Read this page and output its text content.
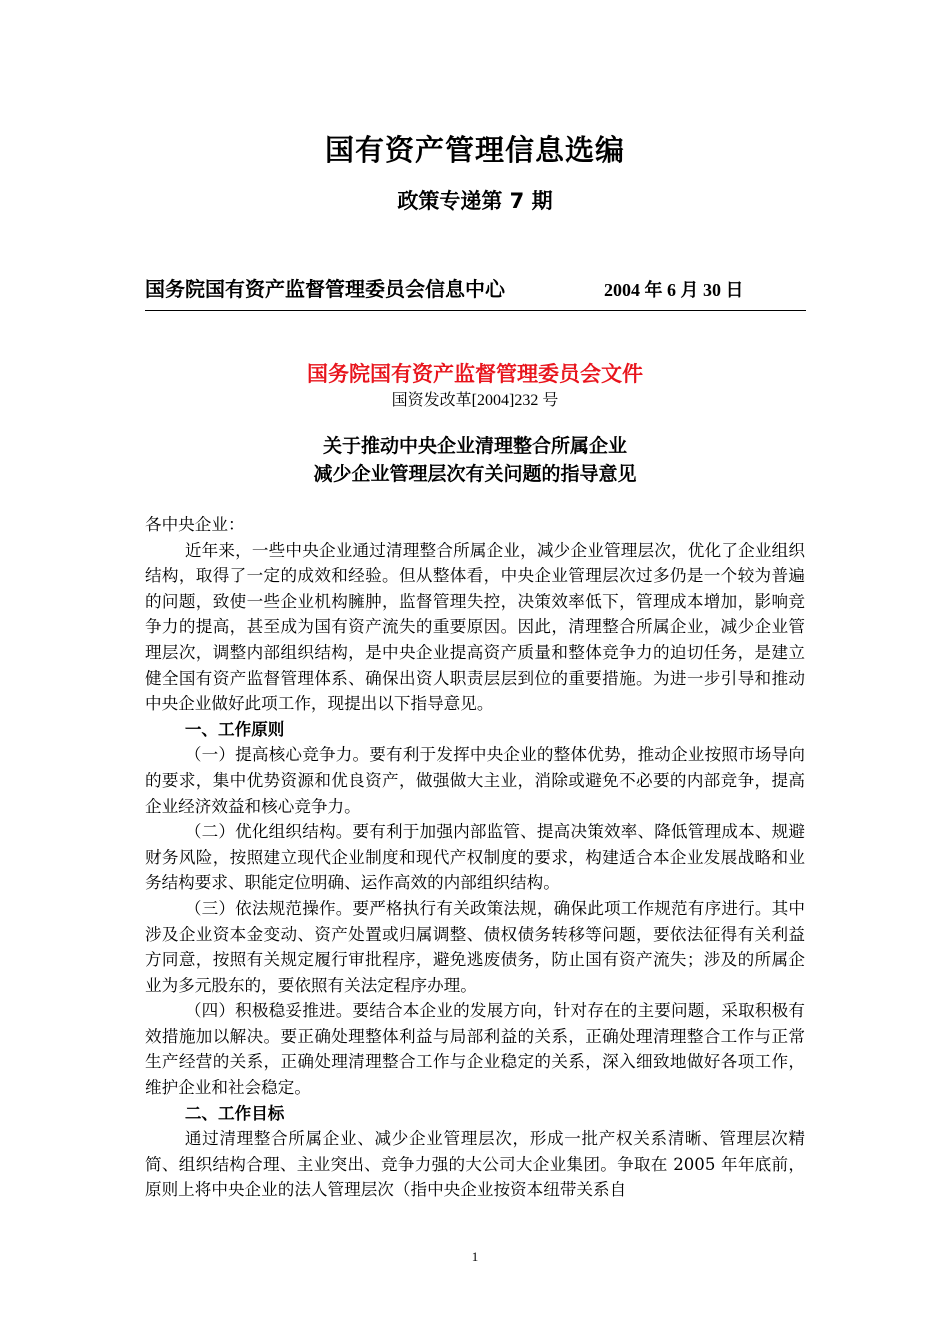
国有资产管理信息选编
政策专递第 7 期
国务院国有资产监督管理委员会信息中心	2004 年 6 月 30 日
国务院国有资产监督管理委员会文件
国资发改革[2004]232 号
关于推动中央企业清理整合所属企业
减少企业管理层次有关问题的指导意见

各中央企业：

近年来，一些中央企业通过清理整合所属企业，减少企业管理层次，优化了企业组织结构，取得了一定的成效和经验。但从整体看，中央企业管理层次过多仍是一个较为普遍的问题，致使一些企业机构臃肿，监督管理失控，决策效率低下，管理成本增加，影响竞争力的提高，甚至成为国有资产流失的重要原因。因此，清理整合所属企业，减少企业管理层次，调整内部组织结构，是中央企业提高资产质量和整体竞争力的迫切任务，是建立健全国有资产监督管理体系、确保出资人职责层层到位的重要措施。为进一步引导和推动中央企业做好此项工作，现提出以下指导意见。

一、工作原则

（一）提高核心竞争力。要有利于发挥中央企业的整体优势，推动企业按照市场导向的要求，集中优势资源和优良资产，做强做大主业，消除或避免不必要的内部竞争，提高企业经济效益和核心竞争力。

（二）优化组织结构。要有利于加强内部监管、提高决策效率、降低管理成本、规避财务风险，按照建立现代企业制度和现代产权制度的要求，构建适合本企业发展战略和业务结构要求、职能定位明确、运作高效的内部组织结构。

（三）依法规范操作。要严格执行有关政策法规，确保此项工作规范有序进行。其中涉及企业资本金变动、资产处置或归属调整、债权债务转移等问题，要依法征得有关利益方同意，按照有关规定履行审批程序，避免逃废债务，防止国有资产流失；涉及的所属企业为多元股东的，要依照有关法定程序办理。

（四）积极稳妥推进。要结合本企业的发展方向，针对存在的主要问题，采取积极有效措施加以解决。要正确处理整体利益与局部利益的关系，正确处理清理整合工作与正常生产经营的关系，正确处理清理整合工作与企业稳定的关系，深入细致地做好各项工作，维护企业和社会稳定。

二、工作目标

通过清理整合所属企业、减少企业管理层次，形成一批产权关系清晰、管理层次精简、组织结构合理、主业突出、竞争力强的大公司大企业集团。争取在 2005 年年底前，原则上将中央企业的法人管理层次（指中央企业按资本纽带关系自

1
